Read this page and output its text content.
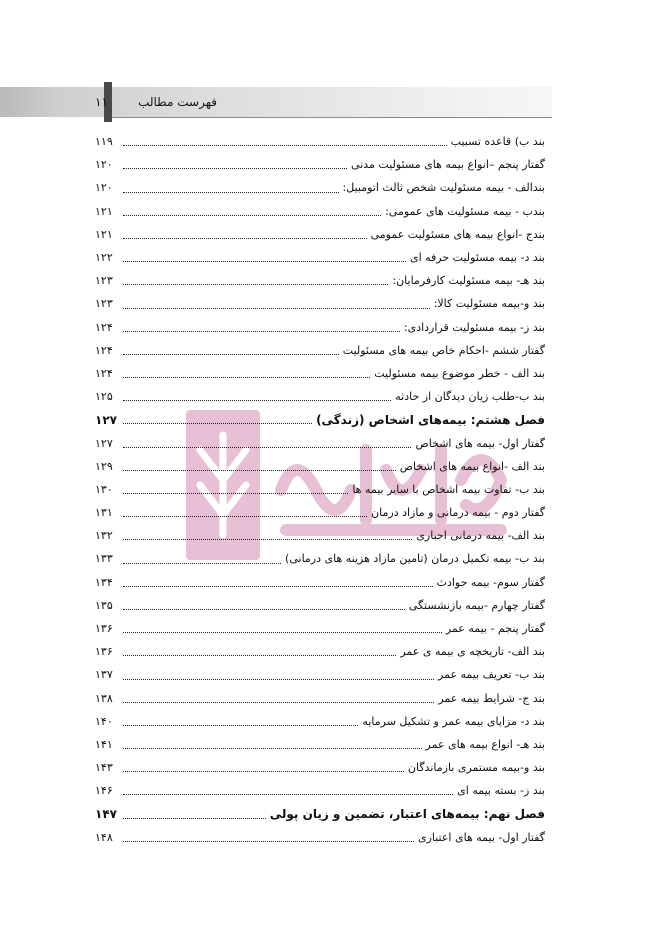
فهرست مطالب
۱۱
بند ب) قاعده تسبیب
۱۱۹
گفتار پنجم –انواع بیمه های مسئولیت مدنی
۱۲۰
بندالف - بیمه مسئولیت شخص ثالث اتومبیل:
۱۲۰
بندب - بیمه مسئولیت های عمومی:
۱۲۱
بندج -انواع بیمه های مسئولیت عمومی
۱۲۱
بند د- بیمه مسئولیت حرفه ای
۱۲۲
بند هـ- بیمه مسئولیت کارفرمایان:
۱۲۳
بند و-بیمه مسئولیت کالا:
۱۲۳
بند ز- بیمه مسئولیت قراردادی:
۱۲۴
گفتار ششم -احکام خاص بیمه های مسئولیت
۱۲۴
بند الف - خطر موضوع بیمه مسئولیت
۱۲۴
بند ب-طلب زیان دیدگان از حادثه
۱۲۵
فصل هشتم: بیمه‌های اشخاص (زندگی)
۱۲۷
گفتار اول- بیمه های اشخاص
۱۲۷
بند الف -انواع بیمه های اشخاص
۱۲۹
بند ب- تفاوت بیمه اشخاص با سایر بیمه ها
۱۳۰
گفتار دوم - بیمه درمانی و مازاد درمان
۱۳۱
بند الف- بیمه درمانی اجباری
۱۳۲
بند ب- بیمه تکمیل درمان (تامین مازاد هزینه های درمانی)
۱۳۳
گفتار سوم- بیمه حوادث
۱۳۴
گفتار چهارم -بیمه بازنشستگی
۱۳۵
گفتار پنجم - بیمه عمر
۱۳۶
بند الف- تاریخچه ی بیمه ی عمر
۱۳۶
بند ب- تعریف بیمه عمر
۱۳۷
بند ج- شرایط بیمه عمر
۱۳۸
بند د- مزایای بیمه عمر و تشکیل سرمایه
۱۴۰
بند هـ- انواع بیمه های عمر
۱۴۱
بند و-بیمه مستمری بازماندگان
۱۴۳
بند ز- بسته بیمه ای
۱۴۶
فصل نهم: بیمه‌های اعتبار، تضمین و زیان پولی
۱۴۷
گفتار اول- بیمه های اعتباری
۱۴۸
